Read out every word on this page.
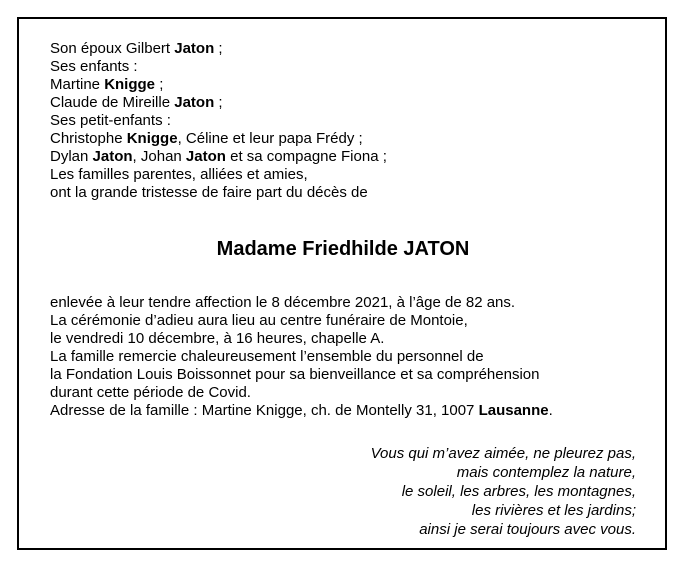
Son époux Gilbert Jaton ;
Ses enfants :
Martine Knigge ;
Claude de Mireille Jaton ;
Ses petit-enfants :
Christophe Knigge, Céline et leur papa Frédy ;
Dylan Jaton, Johan Jaton et sa compagne Fiona ;
Les familles parentes, alliées et amies,
ont la grande tristesse de faire part du décès de
Madame Friedhilde JATON
enlevée à leur tendre affection le 8 décembre 2021, à l’âge de 82 ans.
La cérémonie d’adieu aura lieu au centre funéraire de Montoie,
le vendredi 10 décembre, à 16 heures, chapelle A.
La famille remercie chaleureusement l’ensemble du personnel de
la Fondation Louis Boissonnet pour sa bienveillance et sa compréhension
durant cette période de Covid.
Adresse de la famille : Martine Knigge, ch. de Montelly 31, 1007 Lausanne.
Vous qui m’avez aimée, ne pleurez pas,
mais contemplez la nature,
le soleil, les arbres, les montagnes,
les rivières et les jardins;
ainsi je serai toujours avec vous.
